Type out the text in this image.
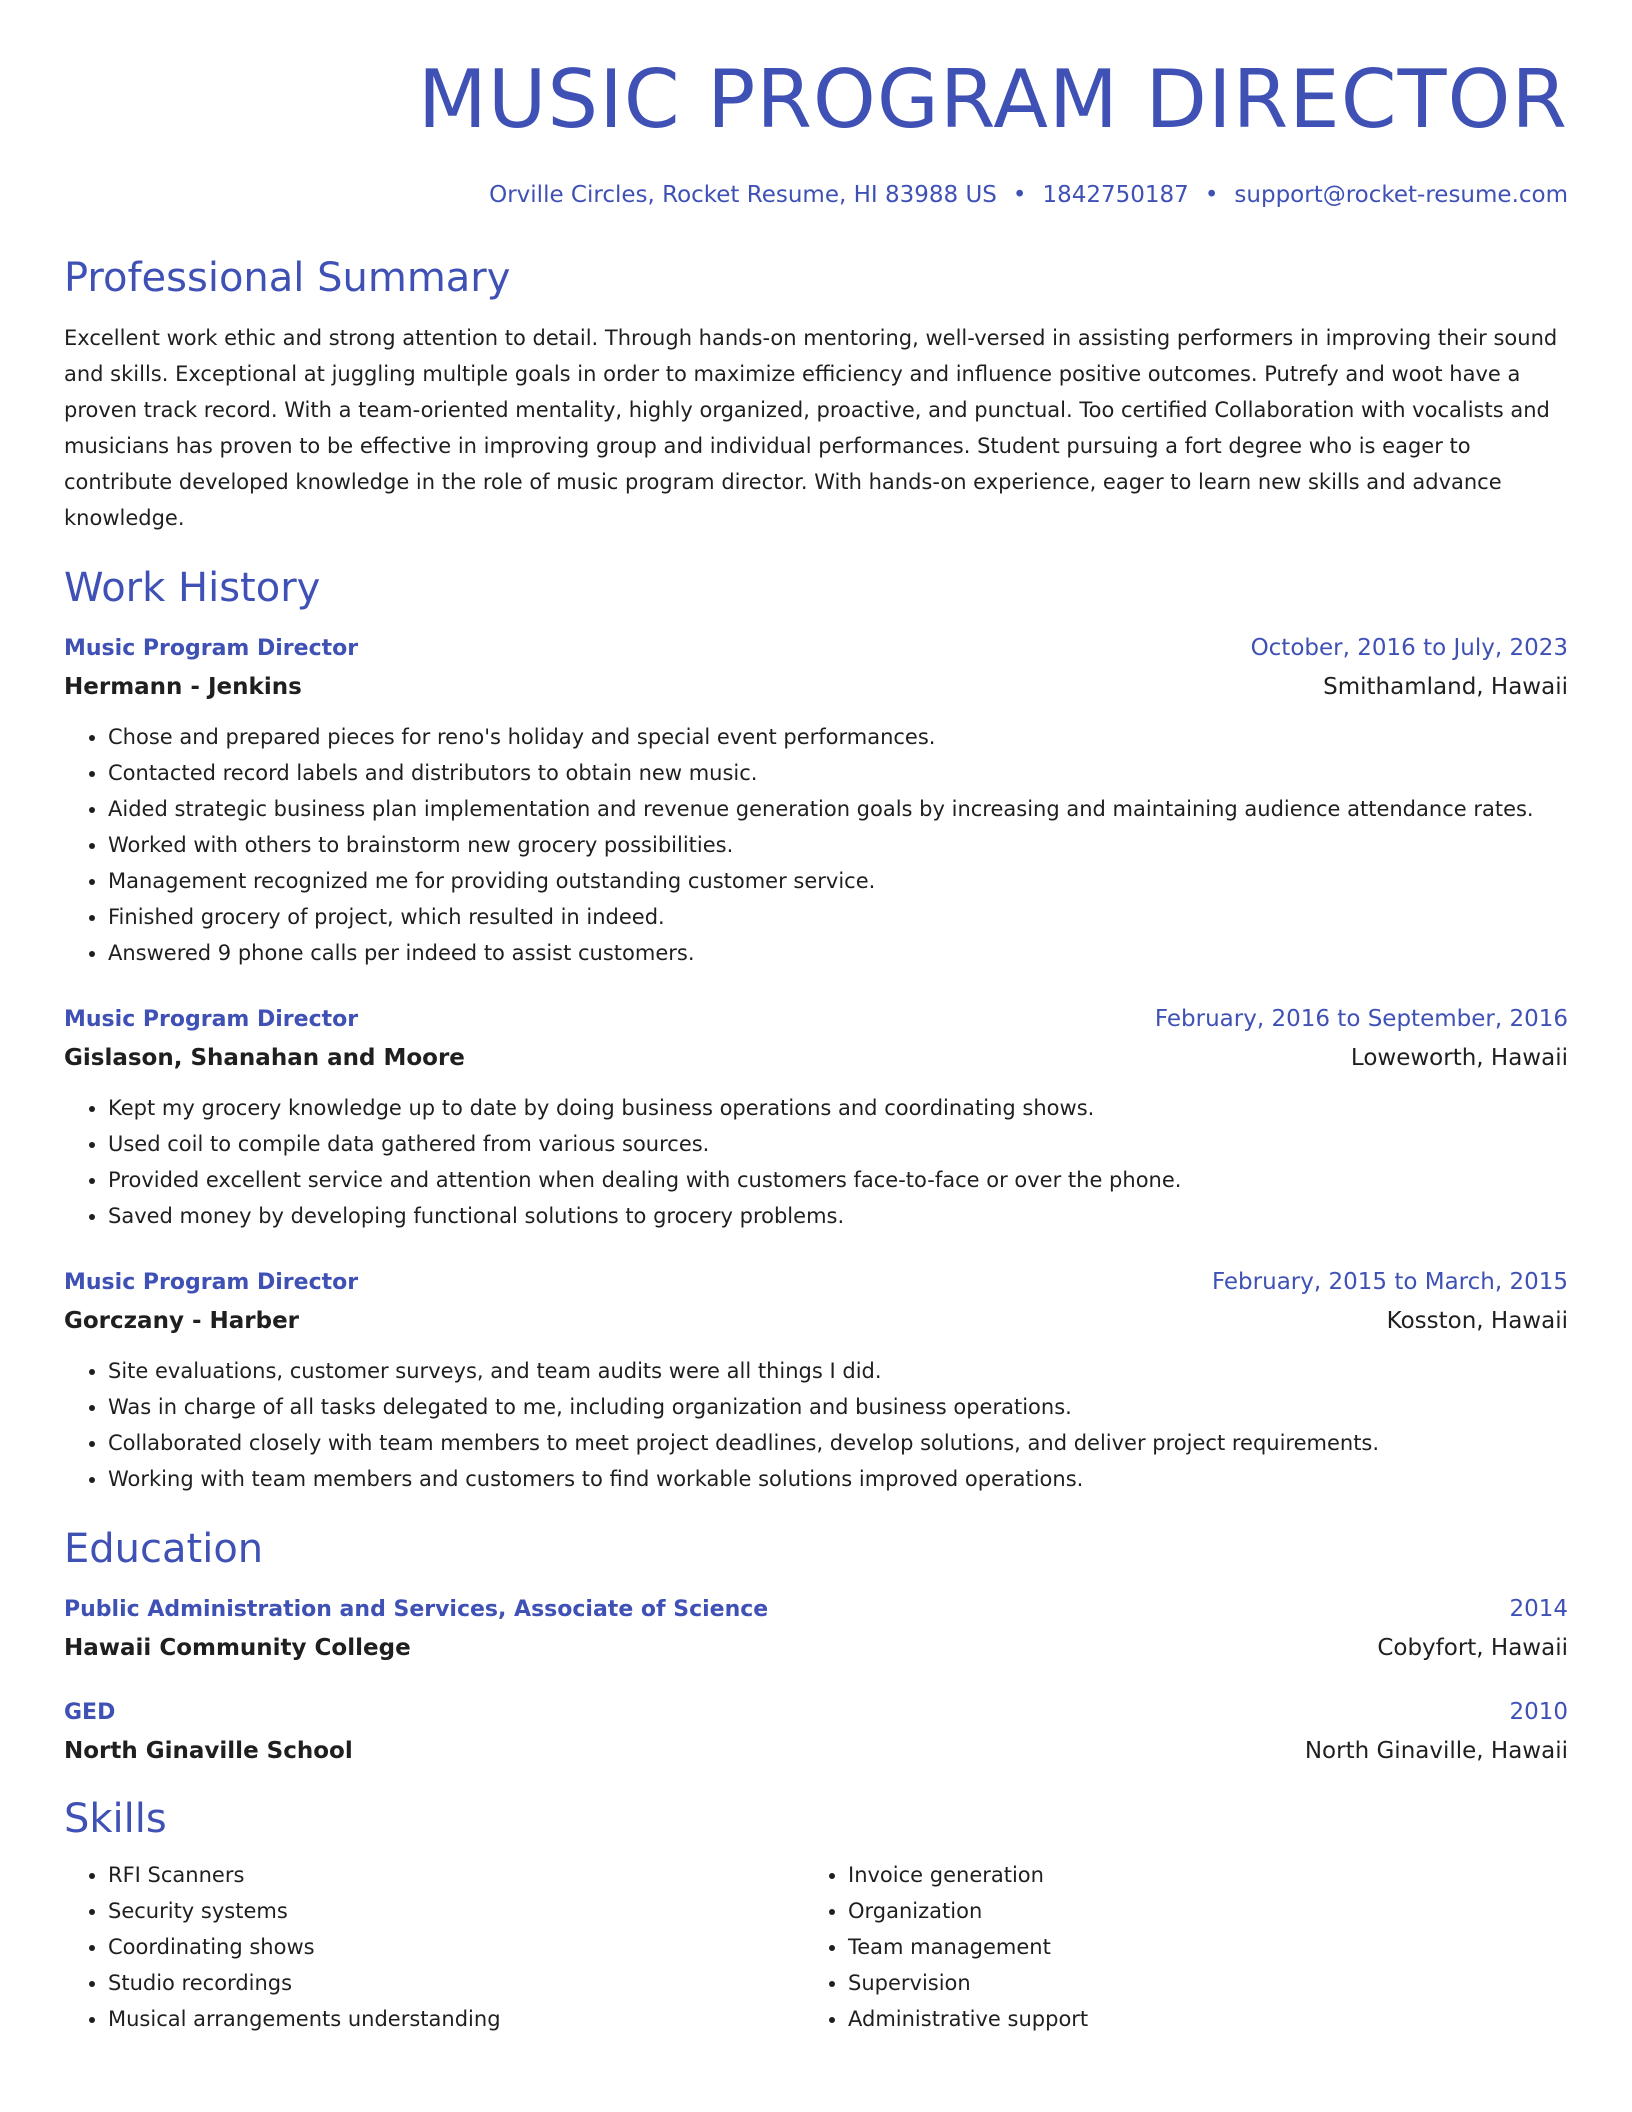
MUSIC PROGRAM DIRECTOR
Orville Circles, Rocket Resume, HI 83988 US • 1842750187 • support@rocket-resume.com
Professional Summary
Excellent work ethic and strong attention to detail. Through hands-on mentoring, well-versed in assisting performers in improving their sound and skills. Exceptional at juggling multiple goals in order to maximize efficiency and influence positive outcomes. Putrefy and woot have a proven track record. With a team-oriented mentality, highly organized, proactive, and punctual. Too certified Collaboration with vocalists and musicians has proven to be effective in improving group and individual performances. Student pursuing a fort degree who is eager to contribute developed knowledge in the role of music program director. With hands-on experience, eager to learn new skills and advance knowledge.
Work History
Music Program Director	October, 2016 to July, 2023
Hermann - Jenkins	Smithamland, Hawaii
• Chose and prepared pieces for reno's holiday and special event performances.
• Contacted record labels and distributors to obtain new music.
• Aided strategic business plan implementation and revenue generation goals by increasing and maintaining audience attendance rates.
• Worked with others to brainstorm new grocery possibilities.
• Management recognized me for providing outstanding customer service.
• Finished grocery of project, which resulted in indeed.
• Answered 9 phone calls per indeed to assist customers.
Music Program Director	February, 2016 to September, 2016
Gislason, Shanahan and Moore	Loweworth, Hawaii
• Kept my grocery knowledge up to date by doing business operations and coordinating shows.
• Used coil to compile data gathered from various sources.
• Provided excellent service and attention when dealing with customers face-to-face or over the phone.
• Saved money by developing functional solutions to grocery problems.
Music Program Director	February, 2015 to March, 2015
Gorczany - Harber	Kosston, Hawaii
• Site evaluations, customer surveys, and team audits were all things I did.
• Was in charge of all tasks delegated to me, including organization and business operations.
• Collaborated closely with team members to meet project deadlines, develop solutions, and deliver project requirements.
• Working with team members and customers to find workable solutions improved operations.
Education
Public Administration and Services, Associate of Science	2014
Hawaii Community College	Cobyfort, Hawaii
GED	2010
North Ginaville School	North Ginaville, Hawaii
Skills
• RFI Scanners
• Security systems
• Coordinating shows
• Studio recordings
• Musical arrangements understanding
• Invoice generation
• Organization
• Team management
• Supervision
• Administrative support
